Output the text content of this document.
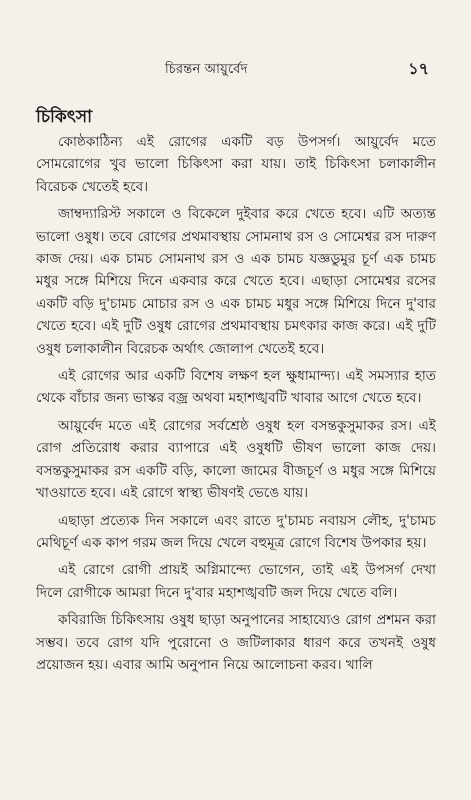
চিরন্তন আয়ুর্বেদ	১৭
চিকিৎসা

কোষ্ঠকাঠিন্য এই রোগের একটি বড় উপসর্গ। আয়ুর্বেদ মতে সোমরোগের খুব ভালো চিকিৎসা করা যায়। তাই চিকিৎসা চলাকালীন বিরেচক খেতেই হবে।

জাম্বদ্যারিস্ট সকালে ও বিকেলে দুইবার করে খেতে হবে। এটি অত্যন্ত ভালো ওষুধ। তবে রোগের প্রথমাবস্থায় সোমনাথ রস ও সোমেশ্বর রস দারুণ কাজ দেয়। এক চামচ সোমনাথ রস ও এক চামচ যজ্ঞডুমুর চূর্ণ এক চামচ মধুর সঙ্গে মিশিয়ে দিনে একবার করে খেতে হবে। এছাড়া সোমেশ্বর রসের একটি বড়ি দু'চামচ মোচার রস ও এক চামচ মধুর সঙ্গে মিশিয়ে দিনে দু'বার খেতে হবে। এই দুটি ওষুধ রোগের প্রথমাবস্থায় চমৎকার কাজ করে। এই দুটি ওষুধ চলাকালীন বিরেচক অর্থাৎ জোলাপ খেতেই হবে।

এই রোগের আর একটি বিশেষ লক্ষণ হল ক্ষুধামান্দ্য। এই সমস্যার হাত থেকে বাঁচার জন্য ভাস্কর বজ্র অথবা মহাশঙ্খবটি খাবার আগে খেতে হবে।

আয়ুর্বেদ মতে এই রোগের সর্বশ্রেষ্ঠ ওষুধ হল বসন্তকুসুমাকর রস। এই রোগ প্রতিরোধ করার ব্যাপারে এই ওষুধটি ভীষণ ভালো কাজ দেয়। বসন্তকুসুমাকর রস একটি বড়ি, কালো জামের বীজচূর্ণ ও মধুর সঙ্গে মিশিয়ে খাওয়াতে হবে। এই রোগে স্বাস্থ্য ভীষণই ভেঙে যায়।

এছাড়া প্রত্যেক দিন সকালে এবং রাতে দু'চামচ নবায়স লৌহ, দু'চামচ মেথিচূর্ণ এক কাপ গরম জল দিয়ে খেলে বহুমূত্র রোগে বিশেষ উপকার হয়।

এই রোগে রোগী প্রায়ই অগ্নিমান্দ্যে ভোগেন, তাই এই উপসর্গ দেখা দিলে রোগীকে আমরা দিনে দু'বার মহাশঙ্খবটি জল দিয়ে খেতে বলি।

কবিরাজি চিকিৎসায় ওষুধ ছাড়া অনুপানের সাহায্যেও রোগ প্রশমন করা সম্ভব। তবে রোগ যদি পুরোনো ও জটিলাকার ধারণ করে তখনই ওষুধ প্রয়োজন হয়। এবার আমি অনুপান নিয়ে আলোচনা করব। খালি
